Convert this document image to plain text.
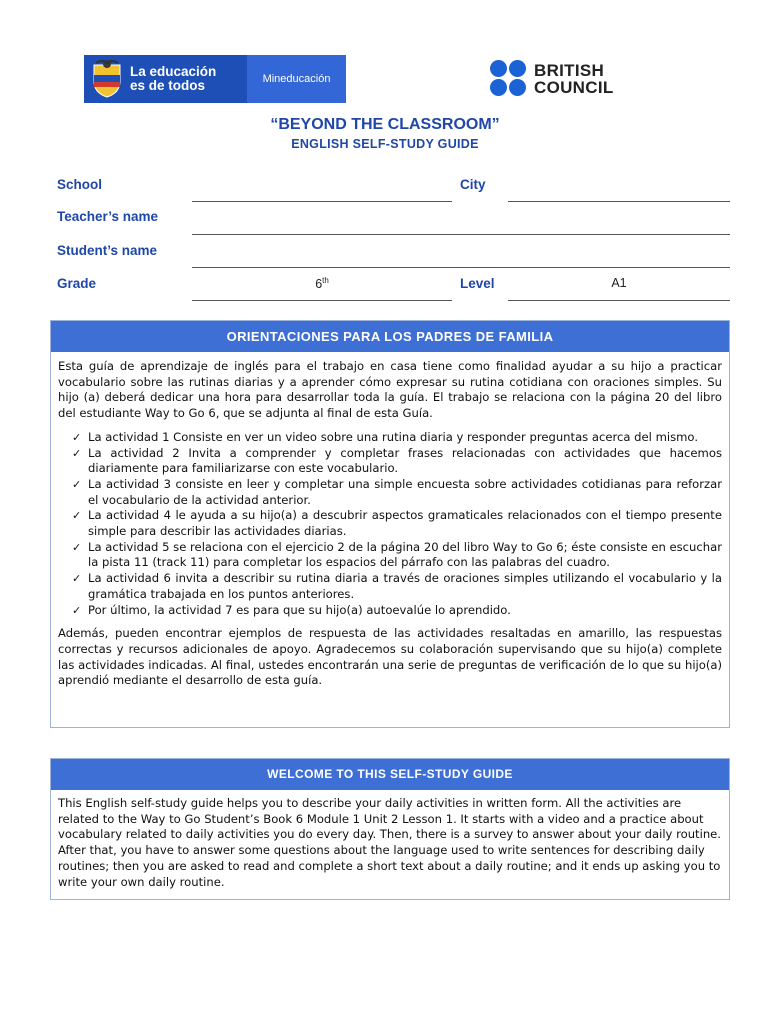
La educación
es de todos	Mineducación	BRITISH
COUNCIL
“BEYOND THE CLASSROOM”
ENGLISH SELF-STUDY GUIDE
School	City
Teacher’s name
Student’s name
Grade	6th	Level	A1
ORIENTACIONES PARA LOS PADRES DE FAMILIA
Esta guía de aprendizaje de inglés para el trabajo en casa tiene como finalidad ayudar a su hijo a practicar vocabulario sobre las rutinas diarias y a aprender cómo expresar su rutina cotidiana con oraciones simples. Su hijo (a) deberá dedicar una hora para desarrollar toda la guía. El trabajo se relaciona con la página 20 del libro del estudiante Way to Go 6, que se adjunta al final de esta Guía.
✓ La actividad 1 Consiste en ver un video sobre una rutina diaria y responder preguntas acerca del mismo.
✓ La actividad 2 Invita a comprender y completar frases relacionadas con actividades que hacemos diariamente para familiarizarse con este vocabulario.
✓ La actividad 3 consiste en leer y completar una simple encuesta sobre actividades cotidianas para reforzar el vocabulario de la actividad anterior.
✓ La actividad 4 le ayuda a su hijo(a) a descubrir aspectos gramaticales relacionados con el tiempo presente simple para describir las actividades diarias.
✓ La actividad 5 se relaciona con el ejercicio 2 de la página 20 del libro Way to Go 6; éste consiste en escuchar la pista 11 (track 11) para completar los espacios del párrafo con las palabras del cuadro.
✓ La actividad 6 invita a describir su rutina diaria a través de oraciones simples utilizando el vocabulario y la gramática trabajada en los puntos anteriores.
✓ Por último, la actividad 7 es para que su hijo(a) autoevalúe lo aprendido.
Además, pueden encontrar ejemplos de respuesta de las actividades resaltadas en amarillo, las respuestas correctas y recursos adicionales de apoyo. Agradecemos su colaboración supervisando que su hijo(a) complete las actividades indicadas. Al final, ustedes encontrarán una serie de preguntas de verificación de lo que su hijo(a) aprendió mediante el desarrollo de esta guía.
WELCOME TO THIS SELF-STUDY GUIDE
This English self-study guide helps you to describe your daily activities in written form. All the activities are related to the Way to Go Student’s Book 6 Module 1 Unit 2 Lesson 1. It starts with a video and a practice about vocabulary related to daily activities you do every day. Then, there is a survey to answer about your daily routine. After that, you have to answer some questions about the language used to write sentences for describing daily routines; then you are asked to read and complete a short text about a daily routine; and it ends up asking you to write your own daily routine.
